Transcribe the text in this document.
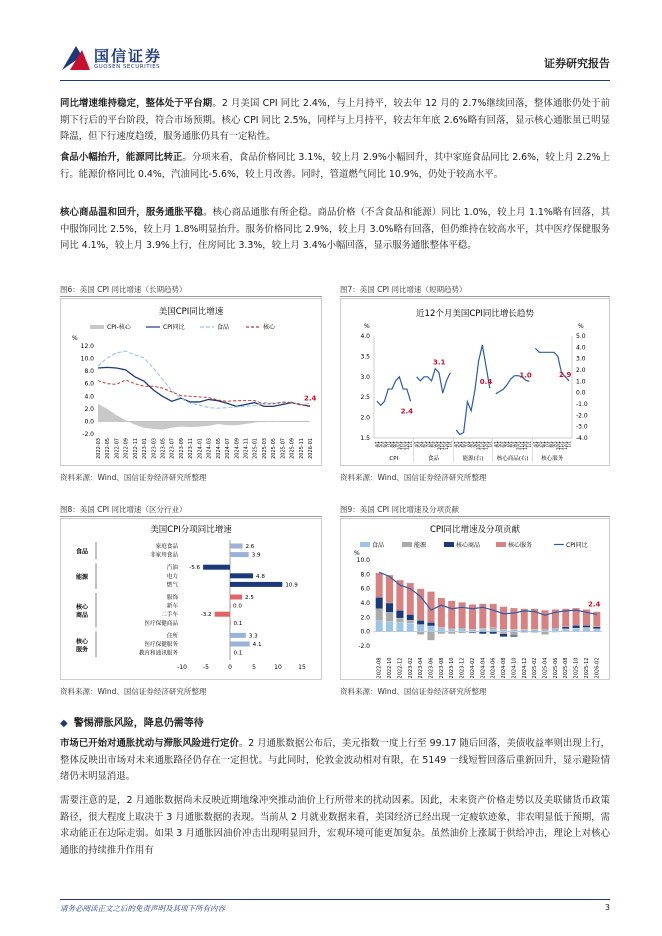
国信证券
GUOSEN SECURITIES	证券研究报告
同比增速维持稳定，整体处于平台期。2 月美国 CPI 同比 2.4%，与上月持平，较去年 12 月的 2.7%继续回落，整体通胀仍处于前期下行后的平台阶段，符合市场预期。核心 CPI 同比 2.5%，同样与上月持平，较去年年底 2.6%略有回落，显示核心通胀虽已明显降温，但下行速度趋缓，服务通胀仍具有一定粘性。
食品小幅抬升，能源同比转正。分项来看，食品价格同比 3.1%，较上月 2.9%小幅回升，其中家庭食品同比 2.6%，较上月 2.2%上行。能源价格同比 0.4%，汽油同比-5.6%，较上月改善。同时，管道燃气同比 10.9%，仍处于较高水平。
核心商品温和回升，服务通胀平稳。核心商品通胀有所企稳。商品价格（不含食品和能源）同比 1.0%，较上月 1.1%略有回落，其中服饰同比 2.5%，较上月 1.8%明显抬升。服务价格同比 2.9%，较上月 3.0%略有回落，但仍维持在较高水平，其中医疗保健服务同比 4.1%，较上月 3.9%上行，住房同比 3.3%，较上月 3.4%小幅回落，显示服务通胀整体平稳。
图6：美国 CPI 同比增速（长期趋势）	图7：美国 CPI 同比增速（短期趋势）
美国CPI同比增速
CPI-核心	CPI同比	食品	核心
%
12.0
10.0
8.0
6.0
4.0
2.0
0.0
-2.0
2022-03 2022-05 2022-07 2022-09 2022-11 2023-01 2023-03 2023-05 2023-07 2023-09 2023-11 2024-01 2024-03 2024-05 2024-07 2024-09 2024-11 2025-01 2025-03 2025-05 2025-07 2025-09 2025-11 2026-01
2.4
近12个月美国CPI同比增长趋势
%	%
4.0
3.5
3.0
2.5
2.0
1.5
5.0
4.0
3.0
2.0
1.0
0.0
-1.0
-2.0
-3.0
-4.0
2.4
4/1
5/1
6/1
7/1
8/1
9/1
10/1
11/1
12/1
1/1
CPI
3.1
4/1
5/1
6/1
7/1
8/1
9/1
10/1
11/1
12/1
1/1
食品
0.4
4/1
5/1
6/1
7/1
8/1
9/1
10/1
11/1
12/1
1/1
能源(右)
1.0
4/1
5/1
6/1
7/1
8/1
9/1
10/1
11/1
12/1
1/1
核心商品(右)
2.9
4/1
5/1
6/1
7/1
8/1
9/1
10/1
11/1
12/1
1/1
核心服务
资料来源：Wind、国信证券经济研究所整理	资料来源：Wind、国信证券经济研究所整理
图8：美国 CPI 同比增速（区分行业）	图9：美国 CPI 同比增速及分项贡献
美国CPI分项同比增速
-10	-5	0	5	10	15
家庭食品	2.6
非家用食品	3.9
汽油 -5.6
电力	4.8
燃气	10.9
服饰	2.5
新车	0.0
二手车	-3.2
医疗保健商品	0.1
住所	3.3
医疗保健服务	4.1
教育和通讯服务	0.1
食品
能源
核心
商品
核心
服务
CPI同比增速及分项贡献
%
10.0
8.0
6.0
4.0
2.0
0.0
-2.0
2022-08 2022-10 2022-12 2023-02 2023-04 2023-06 2023-08 2023-10 2023-12 2024-02 2024-04 2024-06 2024-08 2024-10 2024-12 2025-02 2025-04 2025-06 2025-08 2025-10 2025-12 2026-02
2.4
食品	能源	核心商品	核心服务	CPI同比
资料来源：Wind、国信证券经济研究所整理	资料来源：Wind、国信证券经济研究所整理
◆ 警惕滞胀风险，降息仍需等待
市场已开始对通胀扰动与滞胀风险进行定价。2 月通胀数据公布后，美元指数一度上行至 99.17 随后回落，美债收益率则出现上行，整体反映出市场对未来通胀路径仍存在一定担忧。与此同时，伦敦金波动相对有限，在 5149 一线短暂回落后重新回升，显示避险情绪仍未明显消退。
需要注意的是，2 月通胀数据尚未反映近期地缘冲突推动油价上行所带来的扰动因素。因此，未来资产价格走势以及美联储货币政策路径，很大程度上取决于 3 月通胀数据的表现。当前从 2 月就业数据来看，美国经济已经出现一定疲软迹象，非农明显低于预期，需求动能正在边际走弱。如果 3 月通胀因油价冲击出现明显回升，宏观环境可能更加复杂。虽然油价上涨属于供给冲击，理论上对核心通胀的持续推升作用有
请务必阅读正文之后的免责声明及其项下所有内容	3
